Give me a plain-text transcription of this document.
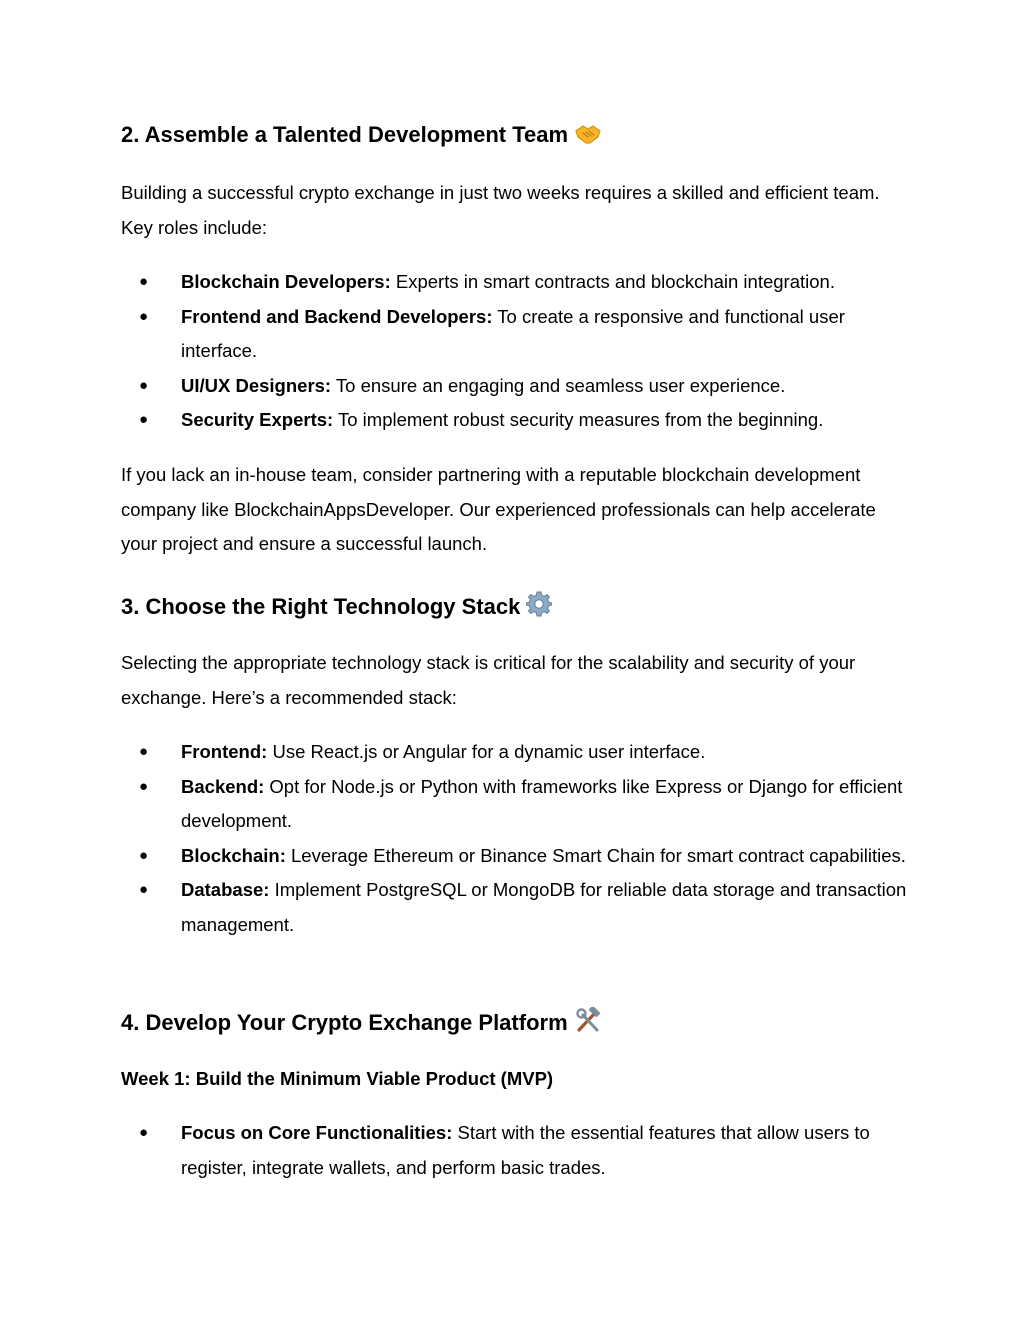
2. Assemble a Talented Development Team

Building a successful crypto exchange in just two weeks requires a skilled and efficient team. Key roles include:

● Blockchain Developers: Experts in smart contracts and blockchain integration.
● Frontend and Backend Developers: To create a responsive and functional user interface.
● UI/UX Designers: To ensure an engaging and seamless user experience.
● Security Experts: To implement robust security measures from the beginning.

If you lack an in-house team, consider partnering with a reputable blockchain development company like BlockchainAppsDeveloper. Our experienced professionals can help accelerate your project and ensure a successful launch.

3. Choose the Right Technology Stack

Selecting the appropriate technology stack is critical for the scalability and security of your exchange. Here’s a recommended stack:

● Frontend: Use React.js or Angular for a dynamic user interface.
● Backend: Opt for Node.js or Python with frameworks like Express or Django for efficient development.
● Blockchain: Leverage Ethereum or Binance Smart Chain for smart contract capabilities.
● Database: Implement PostgreSQL or MongoDB for reliable data storage and transaction management.
4. Develop Your Crypto Exchange Platform
Week 1: Build the Minimum Viable Product (MVP)
● Focus on Core Functionalities: Start with the essential features that allow users to register, integrate wallets, and perform basic trades.
